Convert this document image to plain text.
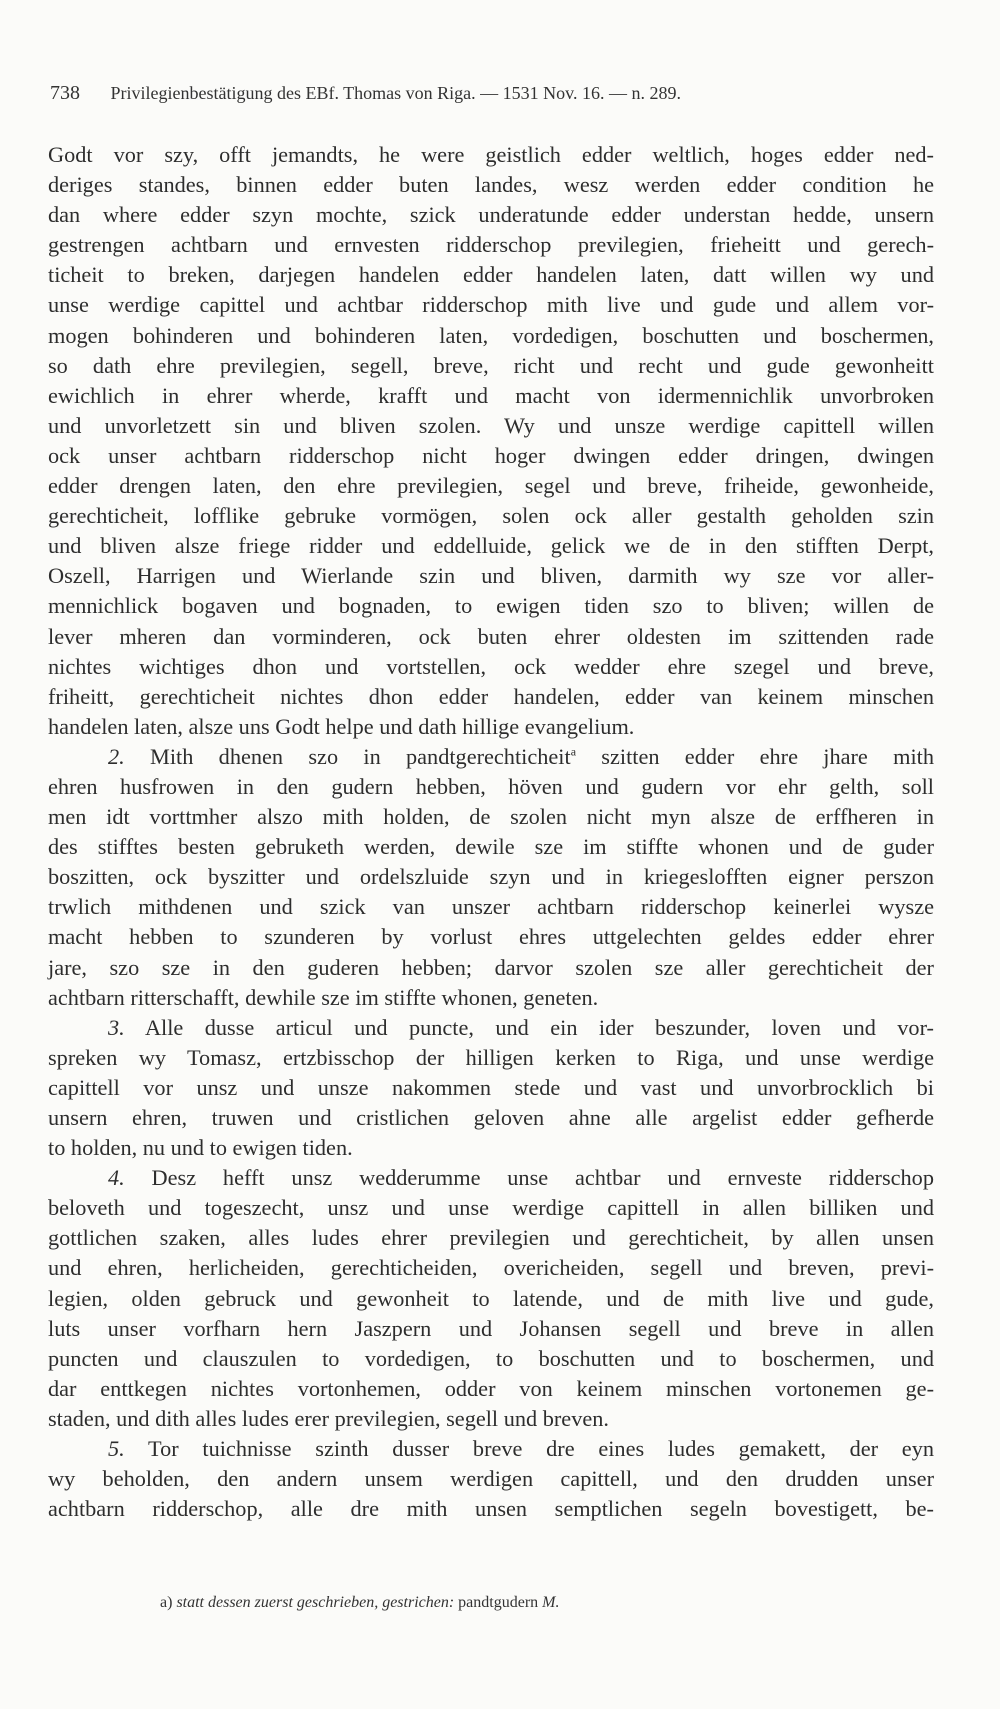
738 Privilegienbestätigung des EBf. Thomas von Riga. — 1531 Nov. 16. — n. 289.
Godt vor szy, offt jemandts, he were geistlich edder weltlich, hoges edder ned-
deriges standes, binnen edder buten landes, wesz werden edder condition he
dan where edder szyn mochte, szick underatunde edder understan hedde, unsern
gestrengen achtbarn und ernvesten ridderschop previlegien, frieheitt und gerech-
ticheit to breken, darjegen handelen edder handelen laten, datt willen wy und
unse werdige capittel und achtbar ridderschop mith live und gude und allem vor-
mogen bohinderen und bohinderen laten, vordedigen, boschutten und boschermen,
so dath ehre previlegien, segell, breve, richt und recht und gude gewonheitt
ewichlich in ehrer wherde, krafft und macht von idermennichlik unvorbroken
und unvorletzett sin und bliven szolen. Wy und unsze werdige capittell willen
ock unser achtbarn ridderschop nicht hoger dwingen edder dringen, dwingen
edder drengen laten, den ehre previlegien, segel und breve, friheide, gewonheide,
gerechticheit, lofflike gebruke vormögen, solen ock aller gestalth geholden szin
und bliven alsze friege ridder und eddelluide, gelick we de in den stifften Derpt,
Oszell, Harrigen und Wierlande szin und bliven, darmith wy sze vor aller-
mennichlick bogaven und bognaden, to ewigen tiden szo to bliven; willen de
lever mheren dan vorminderen, ock buten ehrer oldesten im szittenden rade
nichtes wichtiges dhon und vortstellen, ock wedder ehre szegel und breve,
friheitt, gerechticheit nichtes dhon edder handelen, edder van keinem minschen
handelen laten, alsze uns Godt helpe und dath hillige evangelium.
2. Mith dhenen szo in pandtgerechticheit$^a$ szitten edder ehre jhare mith
ehren husfrowen in den gudern hebben, höven und gudern vor ehr gelth, soll
men idt vorttmher alszo mith holden, de szolen nicht myn alsze de erffheren in
des stifftes besten gebruketh werden, dewile sze im stiffte whonen und de guder
boszitten, ock byszitter und ordelszluide szyn und in kriegeslofften eigner perszon
trwlich mithdenen und szick van unszer achtbarn ridderschop keinerlei wysze
macht hebben to szunderen by vorlust ehres uttgelechten geldes edder ehrer
jare, szo sze in den guderen hebben; darvor szolen sze aller gerechticheit der
achtbarn ritterschafft, dewhile sze im stiffte whonen, geneten.
3. Alle dusse articul und puncte, und ein ider beszunder, loven und vor-
spreken wy Tomasz, ertzbisschop der hilligen kerken to Riga, und unse werdige
capittell vor unsz und unsze nakommen stede und vast und unvorbrocklich bi
unsern ehren, truwen und cristlichen geloven ahne alle argelist edder gefherde
to holden, nu und to ewigen tiden.
4. Desz hefft unsz wedderumme unse achtbar und ernveste ridderschop
beloveth und togeszecht, unsz und unse werdige capittell in allen billiken und
gottlichen szaken, alles ludes ehrer previlegien und gerechticheit, by allen unsen
und ehren, herlicheiden, gerechticheiden, overicheiden, segell und breven, previ-
legien, olden gebruck und gewonheit to latende, und de mith live und gude,
luts unser vorfharn hern Jaszpern und Johansen segell und breve in allen
puncten und clauszulen to vordedigen, to boschutten und to boschermen, und
dar enttkegen nichtes vortonhemen, odder von keinem minschen vortonemen ge-
staden, und dith alles ludes erer previlegien, segell und breven.
5. Tor tuichnisse szinth dusser breve dre eines ludes gemakett, der eyn
wy beholden, den andern unsem werdigen capittell, und den drudden unser
achtbarn ridderschop, alle dre mith unsen semptlichen segeln bovestigett, be-
a) statt dessen zuerst geschrieben, gestrichen: pandtgudern M.
